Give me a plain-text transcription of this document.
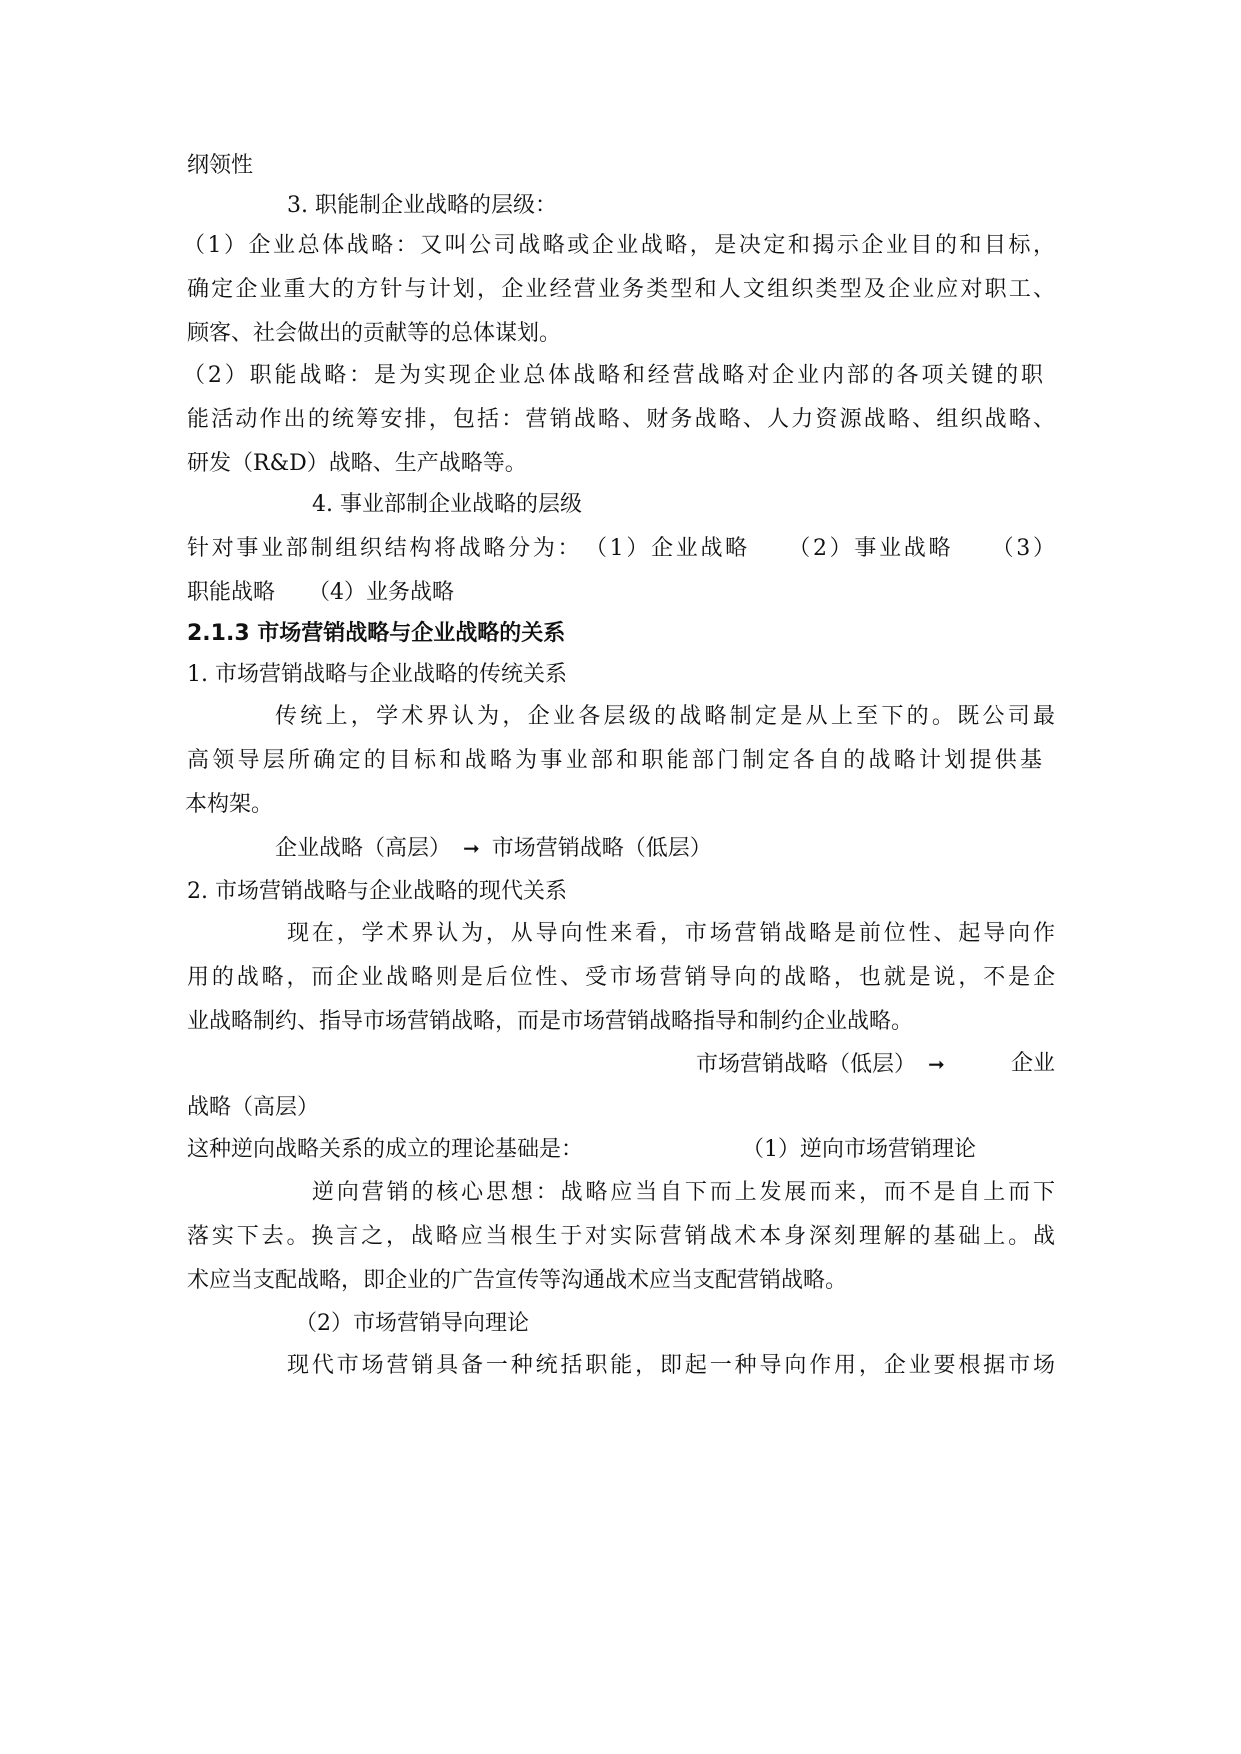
纲领性
3. 职能制企业战略的层级：
（1）企业总体战略：又叫公司战略或企业战略，是决定和揭示企业目的和目标，
确定企业重大的方针与计划，企业经营业务类型和人文组织类型及企业应对职工、
顾客、社会做出的贡献等的总体谋划。
（2）职能战略：是为实现企业总体战略和经营战略对企业内部的各项关键的职
能活动作出的统筹安排，包括：营销战略、财务战略、人力资源战略、组织战略、
研发（R&D）战略、生产战略等。
4. 事业部制企业战略的层级
针对事业部制组织结构将战略分为：　（1）企业战略　　（2）事业战略　　（3）
职能战略　　（4）业务战略
2.1.3 市场营销战略与企业战略的关系
1. 市场营销战略与企业战略的传统关系
传统上，学术界认为，企业各层级的战略制定是从上至下的。既公司最
高领导层所确定的目标和战略为事业部和职能部门制定各自的战略计划提供基
本构架。
企业战略（高层） ➞ 市场营销战略（低层）
2. 市场营销战略与企业战略的现代关系
现在，学术界认为，从导向性来看，市场营销战略是前位性、起导向作
用的战略，而企业战略则是后位性、受市场营销导向的战略，也就是说，不是企
业战略制约、指导市场营销战略，而是市场营销战略指导和制约企业战略。
市场营销战略（低层） ➞	企业
战略（高层）
这种逆向战略关系的成立的理论基础是：	（1）逆向市场营销理论
逆向营销的核心思想：战略应当自下而上发展而来，而不是自上而下
落实下去。换言之，战略应当根生于对实际营销战术本身深刻理解的基础上。战
术应当支配战略，即企业的广告宣传等沟通战术应当支配营销战略。
（2）市场营销导向理论
现代市场营销具备一种统括职能，即起一种导向作用，企业要根据市场
